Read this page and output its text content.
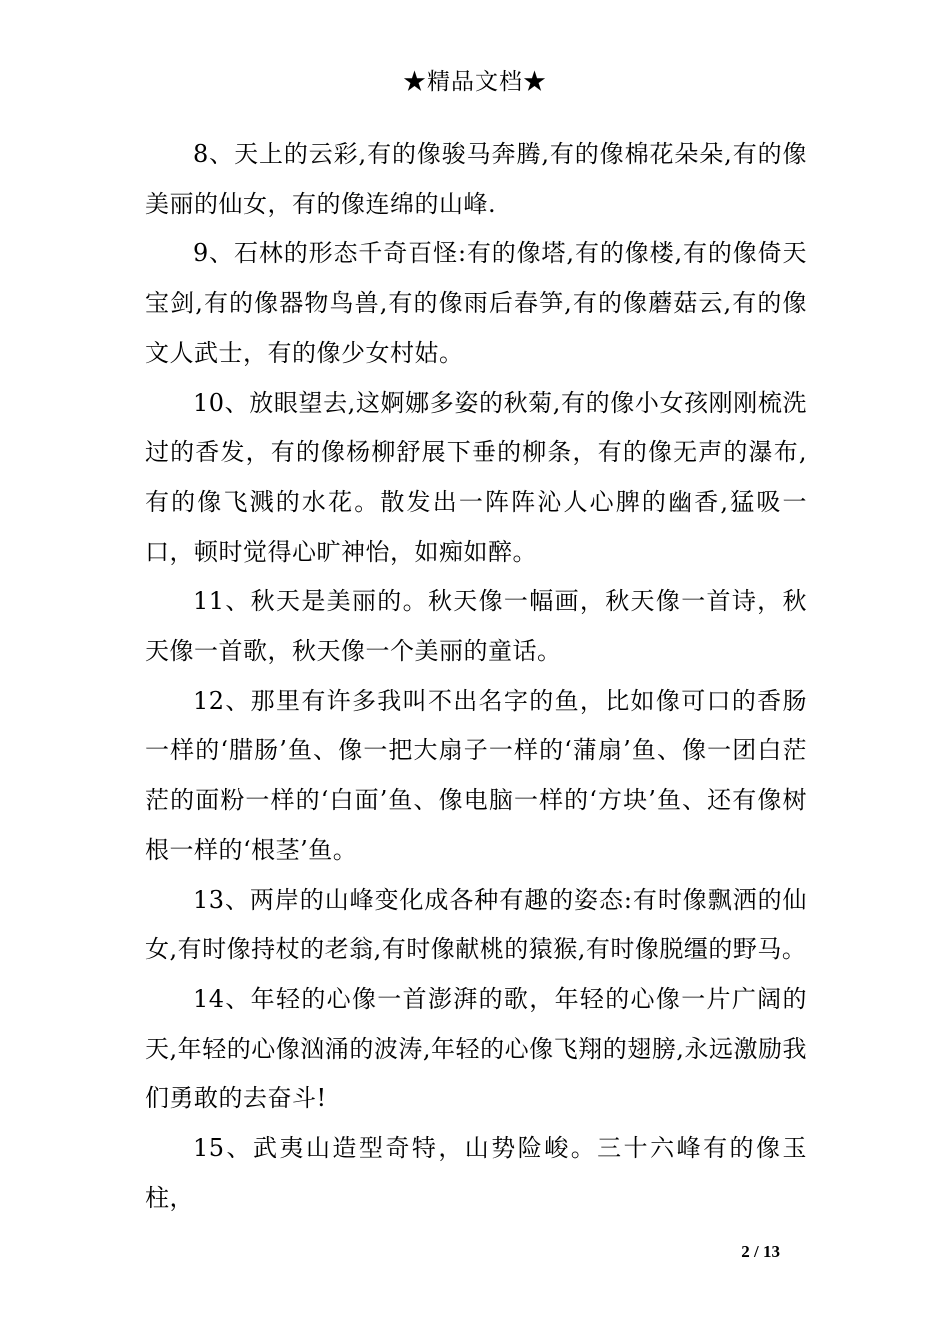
★精品文档★

8、天上的云彩,有的像骏马奔腾,有的像棉花朵朵,有的像美丽的仙女，有的像连绵的山峰.

9、石林的形态千奇百怪:有的像塔,有的像楼,有的像倚天宝剑,有的像器物鸟兽,有的像雨后春笋,有的像蘑菇云,有的像文人武士，有的像少女村姑。

10、放眼望去,这婀娜多姿的秋菊,有的像小女孩刚刚梳洗过的香发，有的像杨柳舒展下垂的柳条，有的像无声的瀑布,有的像飞溅的水花。散发出一阵阵沁人心脾的幽香,猛吸一口，顿时觉得心旷神怡，如痴如醉。

11、秋天是美丽的。秋天像一幅画，秋天像一首诗，秋天像一首歌，秋天像一个美丽的童话。

12、那里有许多我叫不出名字的鱼，比如像可口的香肠一样的‘腊肠’鱼、像一把大扇子一样的‘蒲扇’鱼、像一团白茫茫的面粉一样的‘白面’鱼、像电脑一样的‘方块’鱼、还有像树根一样的‘根茎’鱼。

13、两岸的山峰变化成各种有趣的姿态:有时像飘洒的仙女,有时像持杖的老翁,有时像献桃的猿猴,有时像脱缰的野马。

14、年轻的心像一首澎湃的歌，年轻的心像一片广阔的天,年轻的心像汹涌的波涛,年轻的心像飞翔的翅膀,永远激励我们勇敢的去奋斗!

15、武夷山造型奇特，山势险峻。三十六峰有的像玉柱，

2 / 13
